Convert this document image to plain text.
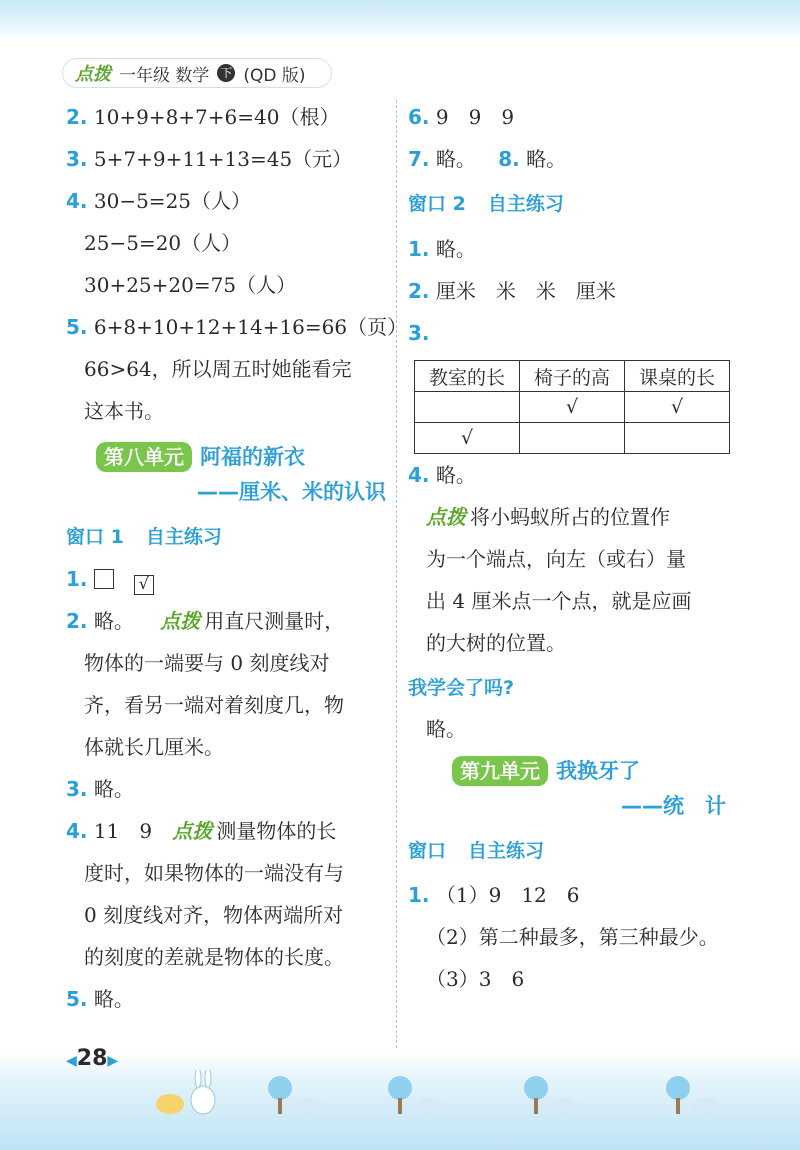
点拨 一年级 数学 下 (QD 版)
2. 10+9+8+7+6=40（根）
3. 5+7+9+11+13=45（元）
4. 30−5=25（人）
25−5=20（人）
30+25+20=75（人）
5. 6+8+10+12+14+16=66（页）
66>64，所以周五时她能看完
这本书。
第八单元 阿福的新衣
——厘米、米的认识
窗口 1 自主练习
1.	√
2. 略。 点拨 用直尺测量时，
物体的一端要与 0 刻度线对
齐，看另一端对着刻度几，物
体就长几厘米。
3. 略。
4. 11　9 点拨 测量物体的长
度时，如果物体的一端没有与
0 刻度线对齐，物体两端所对
的刻度的差就是物体的长度。
5. 略。
6. 9　9　9
7. 略。 8. 略。
窗口 2 自主练习
1. 略。
2. 厘米　米　米　厘米
3.
教室的长	椅子的高	课桌的长
	√	√
√		
4. 略。
点拨 将小蚂蚁所占的位置作
为一个端点，向左（或右）量
出 4 厘米点一个点，就是应画
的大树的位置。
我学会了吗?
略。
第九单元 我换牙了
——统　计
窗口 自主练习
1. （1）9　12　6
（2）第二种最多，第三种最少。
（3）3　6
◀28▶
